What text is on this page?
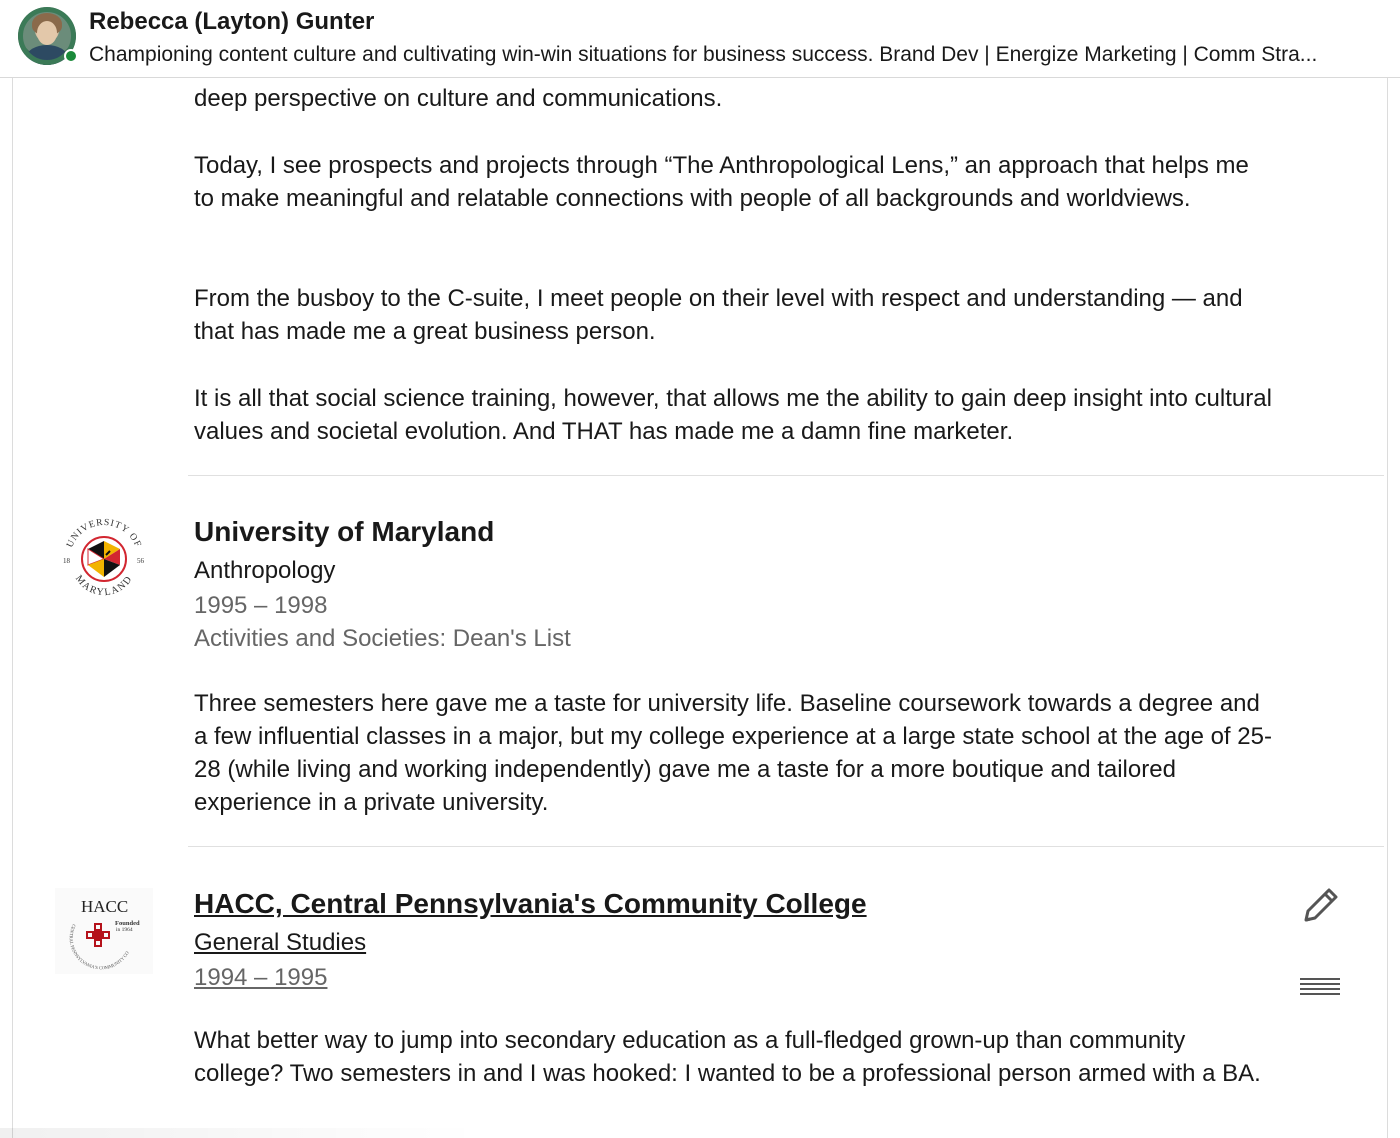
Rebecca (Layton) Gunter
Championing content culture and cultivating win-win situations for business success. Brand Dev | Energize Marketing | Comm Stra...

deep perspective on culture and communications.

Today, I see prospects and projects through “The Anthropological Lens,” an approach that helps me to make meaningful and relatable connections with people of all backgrounds and worldviews.

From the busboy to the C-suite, I meet people on their level with respect and understanding — and that has made me a great business person.

It is all that social science training, however, that allows me the ability to gain deep insight into cultural values and societal evolution. And THAT has made me a damn fine marketer.

UNIVERSITY OF
MARYLAND
18	56
University of Maryland
Anthropology
1995 – 1998
Activities and Societies: Dean's List

Three semesters here gave me a taste for university life. Baseline coursework towards a degree and a few influential classes in a major, but my college experience at a large state school at the age of 25-28 (while living and working independently) gave me a taste for a more boutique and tailored experience in a private university.

HACC
Founded
in 1964
CENTRAL PENNSYLVANIA'S COMMUNITY CO
HACC, Central Pennsylvania's Community College
General Studies
1994 – 1995

What better way to jump into secondary education as a full-fledged grown-up than community college? Two semesters in and I was hooked: I wanted to be a professional person armed with a BA.
